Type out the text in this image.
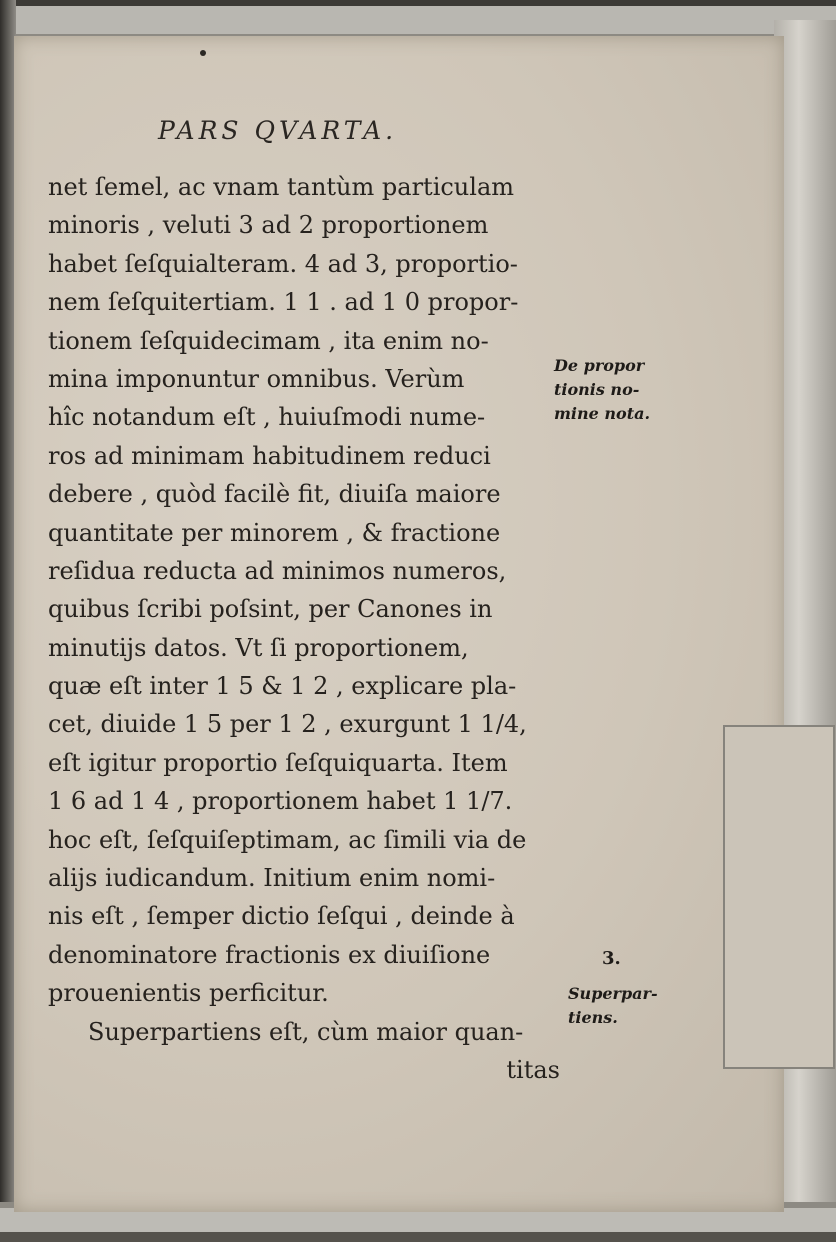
PARS QVARTA.
net ſemel, ac vnam tantùm particulam
minoris , veluti 3 ad 2 proportionem
habet ſeſquialteram. 4 ad 3, proportio-
nem ſeſquitertiam. 1 1 . ad 1 0 propor-
tionem ſeſquidecimam , ita enim no-
mina imponuntur omnibus. Verùm
hîc notandum eſt , huiuſmodi nume-
ros ad minimam habitudinem reduci
debere , quòd facilè fit, diuiſa maiore
quantitate per minorem , & fractione
reſidua reducta ad minimos numeros,
quibus ſcribi poſsint, per Canones in
minutijs datos. Vt ſi proportionem,
quæ eſt inter 1 5 & 1 2 , explicare pla-
cet, diuide 1 5 per 1 2 , exurgunt 1 1/4,
eſt igitur proportio ſeſquiquarta. Item
1 6 ad 1 4 , proportionem habet 1 1/7.
hoc eſt, ſeſquiſeptimam, ac ſimili via de
alijs iudicandum. Initium enim nomi-
nis eſt , ſemper dictio ſeſqui , deinde à
denominatore fractionis ex diuiſione
prouenientis perficitur.
Superpartiens eſt, cùm maior quan-
titas
De propor
tionis no-
mine nota.
3.
Superpar-
tiens.
